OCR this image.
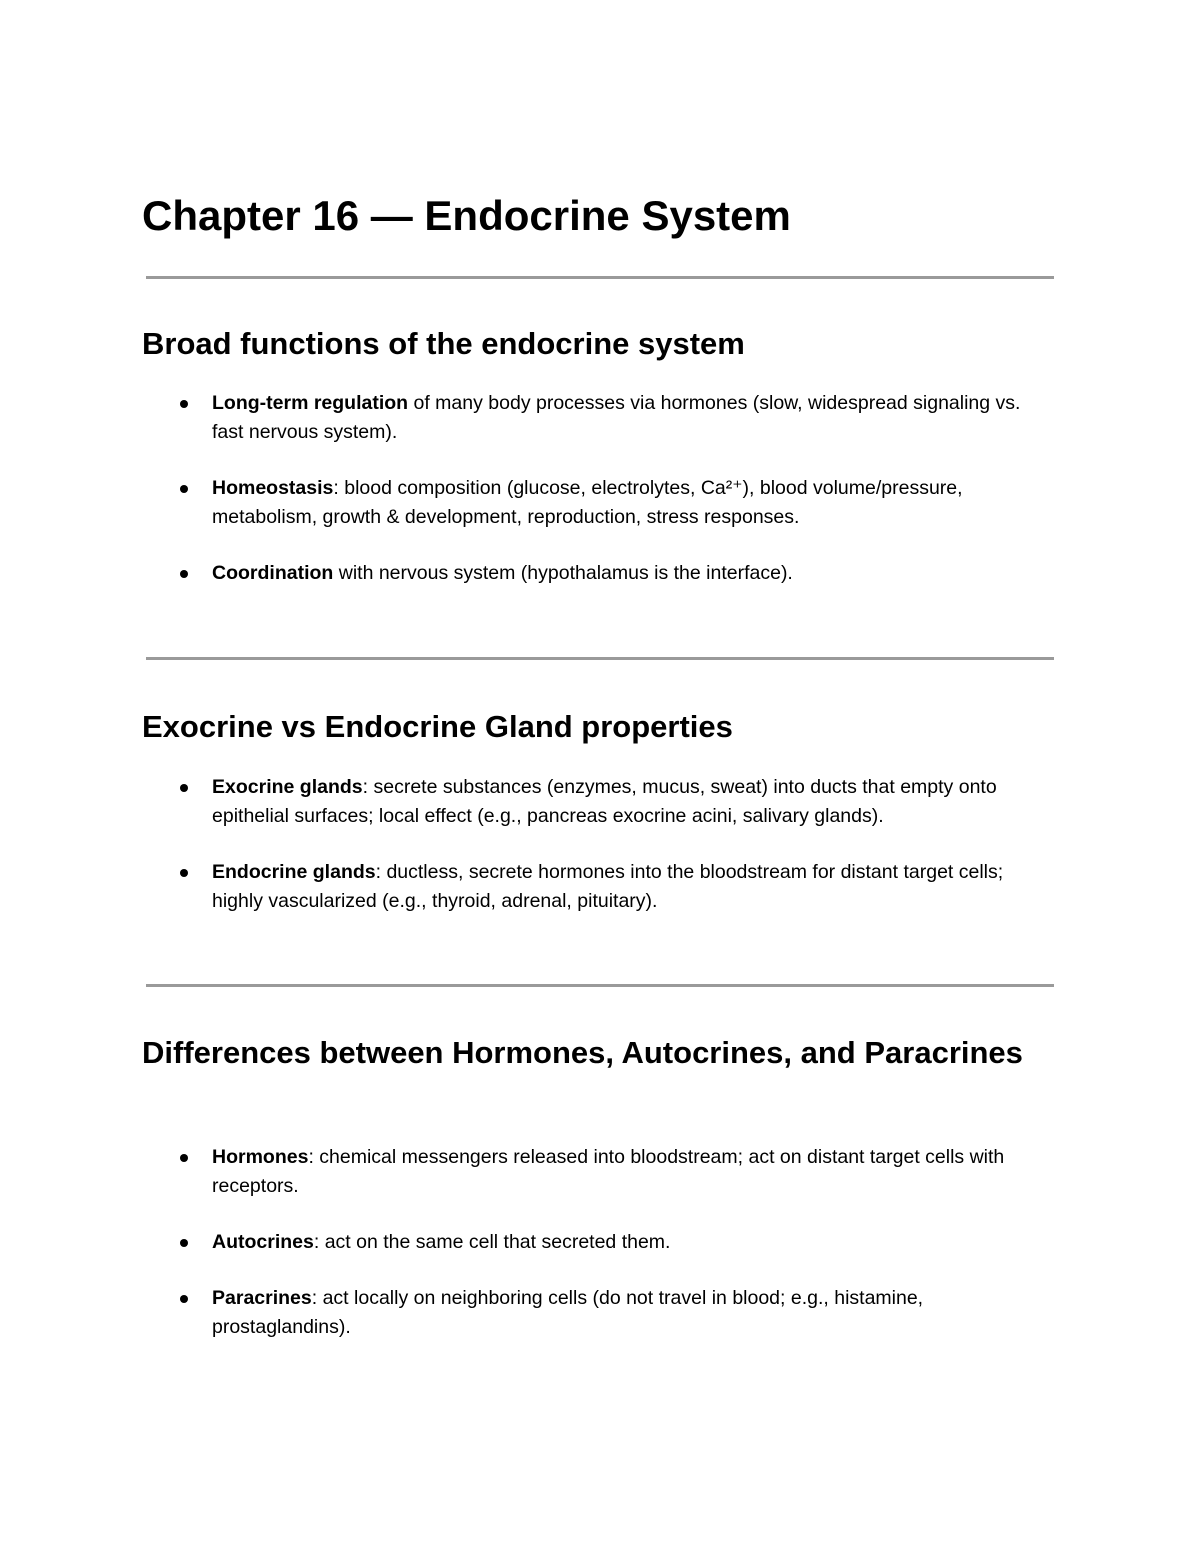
Chapter 16 — Endocrine System
Broad functions of the endocrine system
Long-term regulation of many body processes via hormones (slow, widespread signaling vs. fast nervous system).
Homeostasis: blood composition (glucose, electrolytes, Ca²⁺), blood volume/pressure, metabolism, growth & development, reproduction, stress responses.
Coordination with nervous system (hypothalamus is the interface).
Exocrine vs Endocrine Gland properties
Exocrine glands: secrete substances (enzymes, mucus, sweat) into ducts that empty onto epithelial surfaces; local effect (e.g., pancreas exocrine acini, salivary glands).
Endocrine glands: ductless, secrete hormones into the bloodstream for distant target cells; highly vascularized (e.g., thyroid, adrenal, pituitary).
Differences between Hormones, Autocrines, and Paracrines
Hormones: chemical messengers released into bloodstream; act on distant target cells with receptors.
Autocrines: act on the same cell that secreted them.
Paracrines: act locally on neighboring cells (do not travel in blood; e.g., histamine, prostaglandins).
